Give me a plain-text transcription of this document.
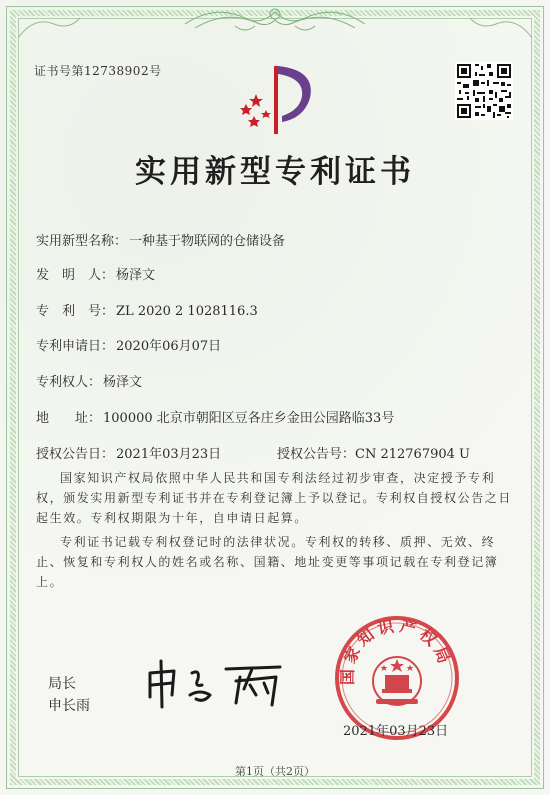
证书号第12738902号
实用新型专利证书
实用新型名称： 一种基于物联网的仓储设备
发　明　人： 杨泽文
专　利　号： ZL 2020 2 1028116.3
专利申请日： 2020年06月07日
专利权人： 杨泽文
地　　址： 100000 北京市朝阳区豆各庄乡金田公园路临33号
授权公告日： 2021年03月23日	授权公告号：CN 212767904 U
国家知识产权局依照中华人民共和国专利法经过初步审查，决定授予专利权，颁发实用新型专利证书并在专利登记簿上予以登记。专利权自授权公告之日起生效。专利权期限为十年，自申请日起算。
专利证书记载专利权登记时的法律状况。专利权的转移、质押、无效、终止、恢复和专利权人的姓名或名称、国籍、地址变更等事项记载在专利登记簿上。
局长
申长雨
国家知识产权局
2021年03月23日
第1页（共2页）
